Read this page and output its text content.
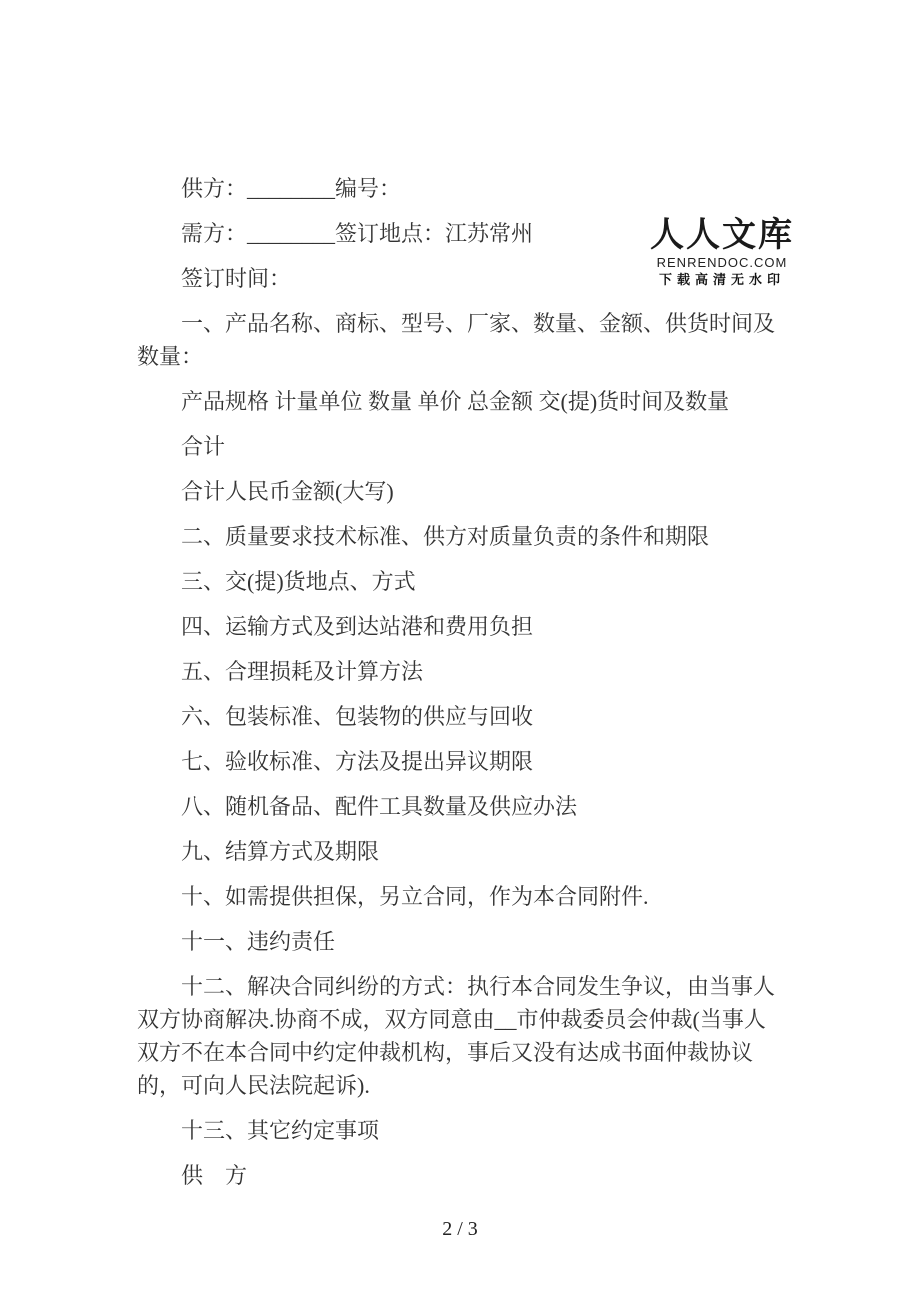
人人文库
RENRENDOC.COM
下载高清无水印

供方：________编号：

需方：________签订地点：江苏常州

签订时间：

一、产品名称、商标、型号、厂家、数量、金额、供货时间及数量：

产品规格 计量单位 数量 单价 总金额 交(提)货时间及数量

合计

合计人民币金额(大写)

二、质量要求技术标准、供方对质量负责的条件和期限

三、交(提)货地点、方式

四、运输方式及到达站港和费用负担

五、合理损耗及计算方法

六、包装标准、包装物的供应与回收

七、验收标准、方法及提出异议期限

八、随机备品、配件工具数量及供应办法

九、结算方式及期限

十、如需提供担保，另立合同，作为本合同附件.

十一、违约责任

十二、解决合同纠纷的方式：执行本合同发生争议，由当事人双方协商解决.协商不成，双方同意由__市仲裁委员会仲裁(当事人双方不在本合同中约定仲裁机构，事后又没有达成书面仲裁协议的，可向人民法院起诉).

十三、其它约定事项

供　方

2 / 3
